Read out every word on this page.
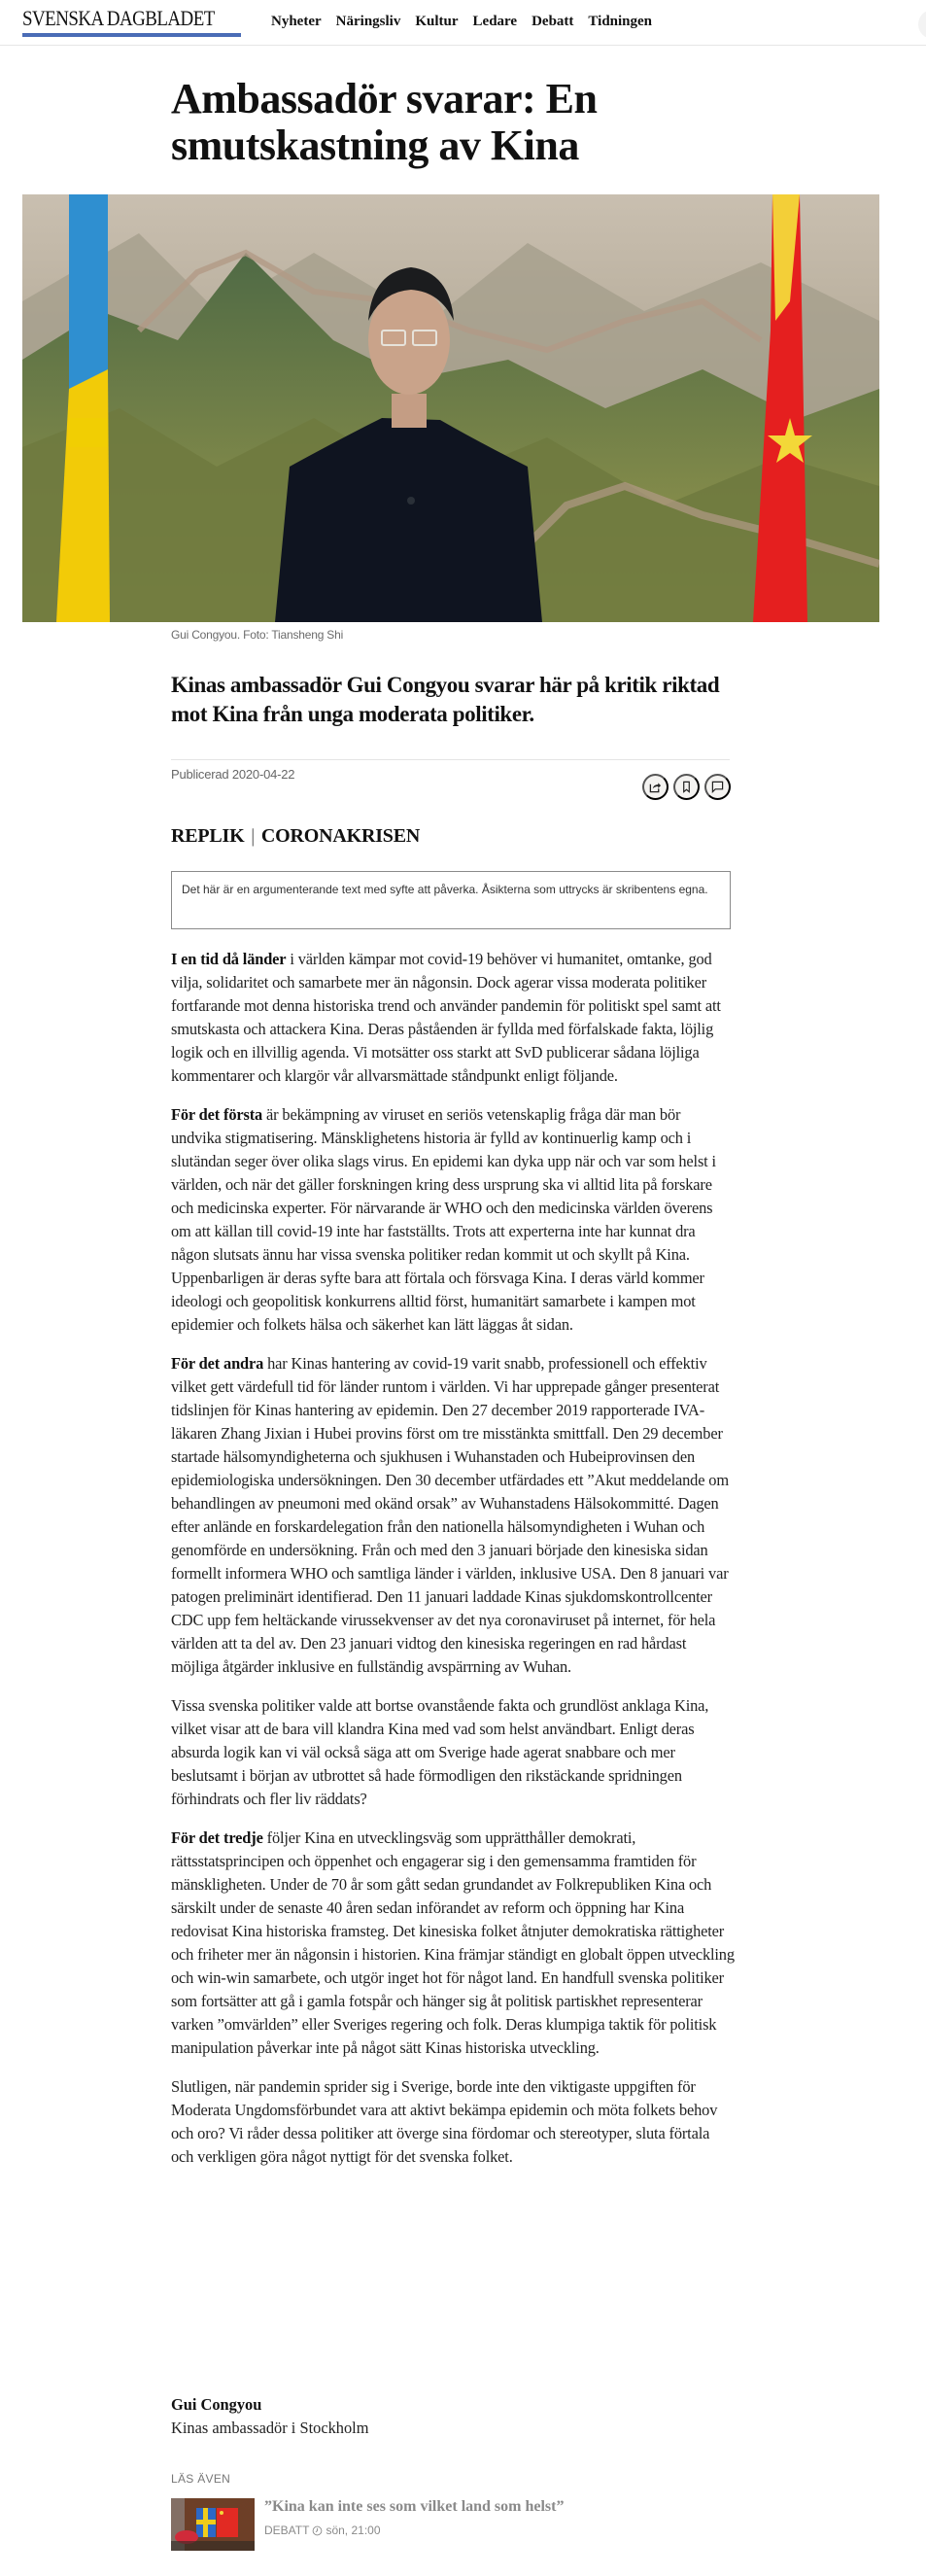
SVENSKA DAGBLADET	Nyheter Näringsliv Kultur Ledare Debatt Tidningen
Ambassadör svarar: En smutskastning av Kina
Gui Congyou. Foto: Tiansheng Shi

Kinas ambassadör Gui Congyou svarar här på kritik riktad mot Kina från unga moderata politiker.

Publicerad 2020-04-22
REPLIK | CORONAKRISEN
Det här är en argumenterande text med syfte att påverka. Åsikterna som uttrycks är skribentens egna.

I en tid då länder i världen kämpar mot covid-19 behöver vi humanitet, omtanke, god vilja, solidaritet och samarbete mer än någonsin. Dock agerar vissa moderata politiker fortfarande mot denna historiska trend och använder pandemin för politiskt spel samt att smutskasta och attackera Kina. Deras påståenden är fyllda med förfalskade fakta, löjlig logik och en illvillig agenda. Vi motsätter oss starkt att SvD publicerar sådana löjliga kommentarer och klargör vår allvarsmättade ståndpunkt enligt följande.

För det första är bekämpning av viruset en seriös vetenskaplig fråga där man bör undvika stigmatisering. Mänsklighetens historia är fylld av kontinuerlig kamp och i slutändan seger över olika slags virus. En epidemi kan dyka upp när och var som helst i världen, och när det gäller forskningen kring dess ursprung ska vi alltid lita på forskare och medicinska experter. För närvarande är WHO och den medicinska världen överens om att källan till covid-19 inte har fastställts. Trots att experterna inte har kunnat dra någon slutsats ännu har vissa svenska politiker redan kommit ut och skyllt på Kina. Uppenbarligen är deras syfte bara att förtala och försvaga Kina. I deras värld kommer ideologi och geopolitisk konkurrens alltid först, humanitärt samarbete i kampen mot epidemier och folkets hälsa och säkerhet kan lätt läggas åt sidan.

För det andra har Kinas hantering av covid-19 varit snabb, professionell och effektiv vilket gett värdefull tid för länder runtom i världen. Vi har upprepade gånger presenterat tidslinjen för Kinas hantering av epidemin. Den 27 december 2019 rapporterade IVA-läkaren Zhang Jixian i Hubei provins först om tre misstänkta smittfall. Den 29 december startade hälsomyndigheterna och sjukhusen i Wuhanstaden och Hubeiprovinsen den epidemiologiska undersökningen. Den 30 december utfärdades ett ”Akut meddelande om behandlingen av pneumoni med okänd orsak” av Wuhanstadens Hälsokommitté. Dagen efter anlände en forskardelegation från den nationella hälsomyndigheten i Wuhan och genomförde en undersökning. Från och med den 3 januari började den kinesiska sidan formellt informera WHO och samtliga länder i världen, inklusive USA. Den 8 januari var patogen preliminärt identifierad. Den 11 januari laddade Kinas sjukdomskontrollcenter CDC upp fem heltäckande virussekvenser av det nya coronaviruset på internet, för hela världen att ta del av. Den 23 januari vidtog den kinesiska regeringen en rad hårdast möjliga åtgärder inklusive en fullständig avspärrning av Wuhan.

Vissa svenska politiker valde att bortse ovanstående fakta och grundlöst anklaga Kina, vilket visar att de bara vill klandra Kina med vad som helst användbart. Enligt deras absurda logik kan vi väl också säga att om Sverige hade agerat snabbare och mer beslutsamt i början av utbrottet så hade förmodligen den rikstäckande spridningen förhindrats och fler liv räddats?

För det tredje följer Kina en utvecklingsväg som upprätthåller demokrati, rättsstatsprincipen och öppenhet och engagerar sig i den gemensamma framtiden för mänskligheten. Under de 70 år som gått sedan grundandet av Folkrepubliken Kina och särskilt under de senaste 40 åren sedan införandet av reform och öppning har Kina redovisat Kina historiska framsteg. Det kinesiska folket åtnjuter demokratiska rättigheter och friheter mer än någonsin i historien. Kina främjar ständigt en globalt öppen utveckling och win-win samarbete, och utgör inget hot för något land. En handfull svenska politiker som fortsätter att gå i gamla fotspår och hänger sig åt politisk partiskhet representerar varken ”omvärlden” eller Sveriges regering och folk. Deras klumpiga taktik för politisk manipulation påverkar inte på något sätt Kinas historiska utveckling.

Slutligen, när pandemin sprider sig i Sverige, borde inte den viktigaste uppgiften för Moderata Ungdomsförbundet vara att aktivt bekämpa epidemin och möta folkets behov och oro? Vi råder dessa politiker att överge sina fördomar och stereotyper, sluta förtala och verkligen göra något nyttigt för det svenska folket.

Gui Congyou
Kinas ambassadör i Stockholm
LÄS ÄVEN
”Kina kan inte ses som vilket land som helst”
DEBATT sön, 21:00
